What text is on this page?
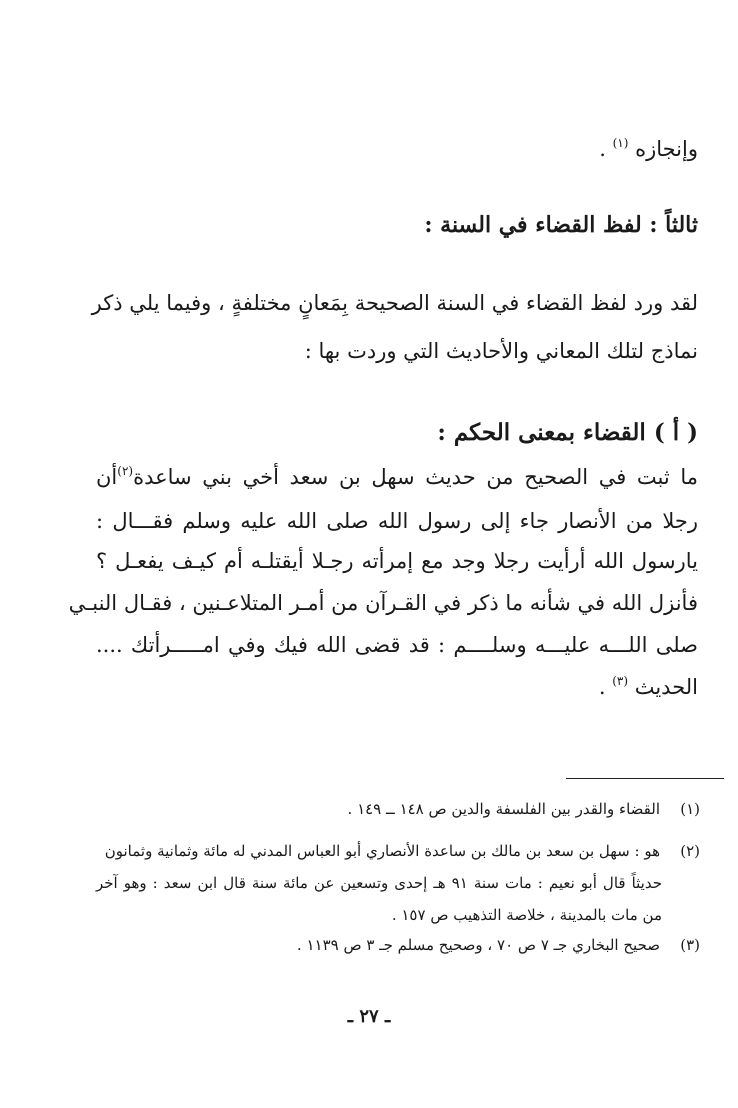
وإنجازه $^{(١)}$ .
ثالثاً : لفظ القضاء في السنة :
لقد ورد لفظ القضاء في السنة الصحيحة بِمَعانٍ مختلفةٍ ، وفيما يلي ذكر
نماذج لتلك المعاني والأحاديث التي وردت بها :
( أ ) القضاء بمعنى الحكم :
ما ثبت في الصحيح من حديث سهل بن سعد أخي بني ساعدة$^{(٢)}$أن
رجلا من الأنصار جاء إلى رسول الله صلى الله عليه وسلم فقـــال :
يارسول الله أرأيت رجلا وجد مع إمرأته رجـلا أيقتلـه أم كيـف يفعـل ؟
فأنزل الله في شأنه ما ذكر في القـرآن من أمـر المتلاعـنين ، فقـال النبـي
صلى اللـــه عليـــه وسلــــم : قد قضى الله فيك وفي امـــــرأتك ....
الحديث $^{(٣)}$ .
(١)القضاء والقدر بين الفلسفة والدين ص ١٤٨ ــ ١٤٩ .
(٢)هو : سهل بن سعد بن مالك بن ساعدة الأنصاري أبو العباس المدني له مائة وثمانية وثمانون
حديثاً قال أبو نعيم : مات سنة ٩١ هـ إحدى وتسعين عن مائة سنة قال ابن سعد : وهو آخر
من مات بالمدينة ، خلاصة التذهيب ص ١٥٧ .
(٣)صحيح البخاري جـ ٧ ص ٧٠ ، وصحيح مسلم جـ ٣ ص ١١٣٩ .
ـ ٢٧ ـ
